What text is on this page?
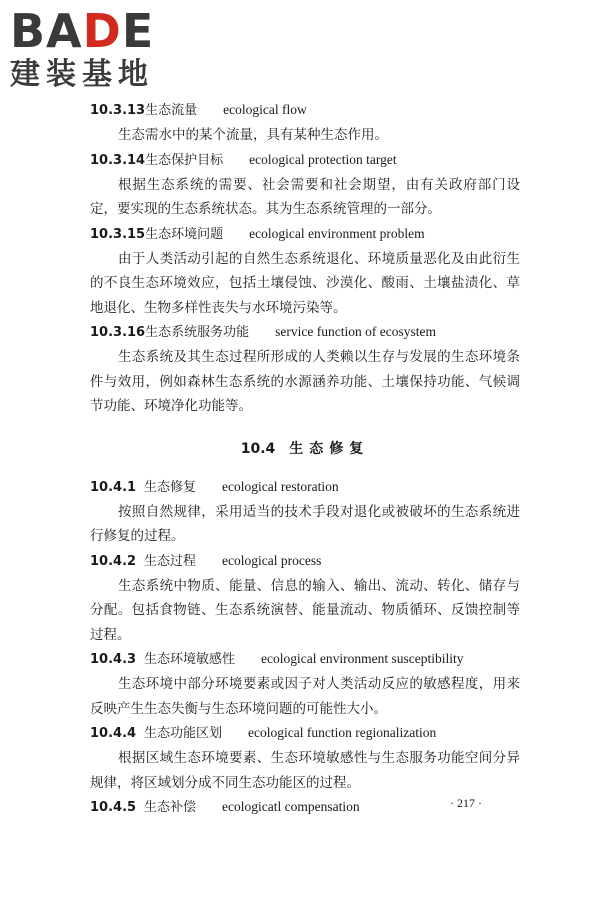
BADE
建装基地
10.3.13生态流量 ecological flow

生态需水中的某个流量，具有某种生态作用。

10.3.14生态保护目标 ecological protection target

根据生态系统的需要、社会需要和社会期望，由有关政府部门设定，要实现的生态系统状态。其为生态系统管理的一部分。

10.3.15生态环境问题 ecological environment problem

由于人类活动引起的自然生态系统退化、环境质量恶化及由此衍生的不良生态环境效应，包括土壤侵蚀、沙漠化、酸雨、土壤盐渍化、草地退化、生物多样性丧失与水环境污染等。

10.3.16生态系统服务功能 service function of ecosystem

生态系统及其生态过程所形成的人类赖以生存与发展的生态环境条件与效用，例如森林生态系统的水源涵养功能、土壤保持功能、气候调节功能、环境净化功能等。

10.4 生态修复
10.4.1 生态修复 ecological restoration

按照自然规律，采用适当的技术手段对退化或被破坏的生态系统进行修复的过程。

10.4.2 生态过程 ecological process

生态系统中物质、能量、信息的输入、输出、流动、转化、储存与分配。包括食物链、生态系统演替、能量流动、物质循环、反馈控制等过程。

10.4.3 生态环境敏感性 ecological environment susceptibility

生态环境中部分环境要素或因子对人类活动反应的敏感程度，用来反映产生生态失衡与生态环境问题的可能性大小。

10.4.4 生态功能区划 ecological function regionalization

根据区域生态环境要素、生态环境敏感性与生态服务功能空间分异规律，将区域划分成不同生态功能区的过程。

10.4.5 生态补偿 ecologicatl compensation	· 217 ·
